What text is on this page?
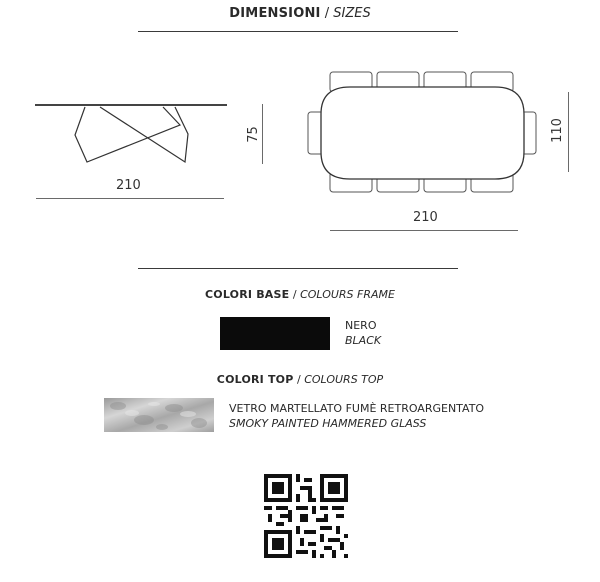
DIMENSIONI / SIZES
210
75
210
110
COLORI BASE / COLOURS FRAME
NERO
BLACK
COLORI TOP / COLOURS TOP
VETRO MARTELLATO FUMÈ RETROARGENTATO
SMOKY PAINTED HAMMERED GLASS
